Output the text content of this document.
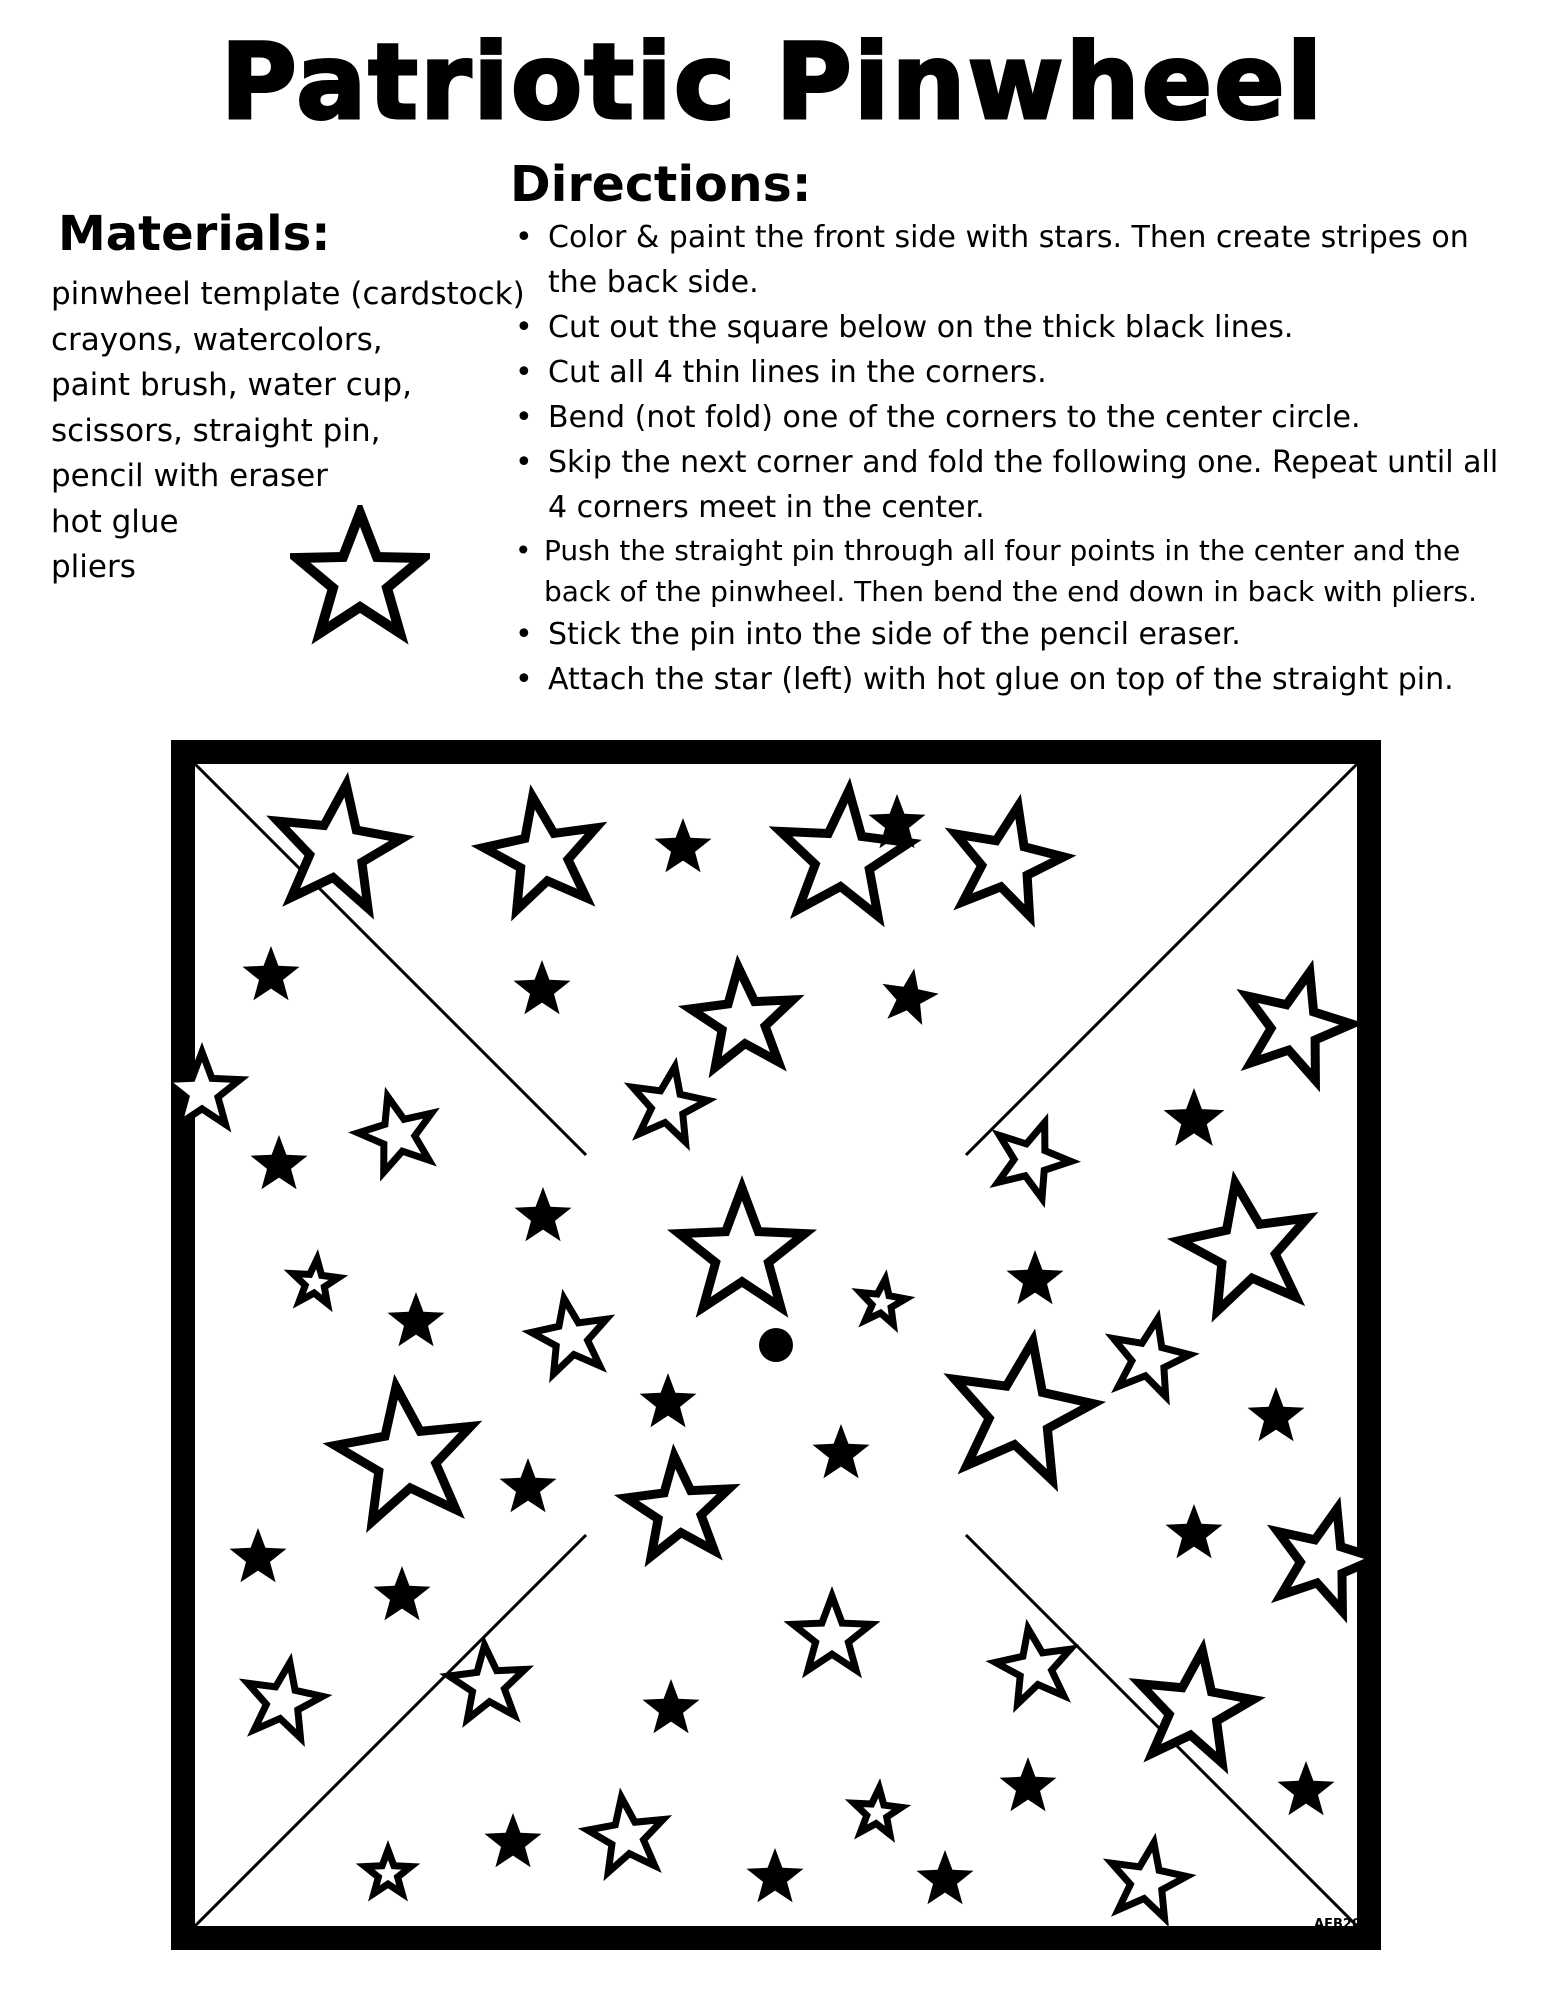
Patriotic Pinwheel
Materials:
pinwheel template (cardstock)
crayons, watercolors,
paint brush, water cup,
scissors, straight pin,
pencil with eraser
hot glue
pliers
Directions:
• Color & paint the front side with stars. Then create stripes on the back side.
• Cut out the square below on the thick black lines.
• Cut all 4 thin lines in the corners.
• Bend (not fold) one of the corners to the center circle.
• Skip the next corner and fold the following one. Repeat until all 4 corners meet in the center.
• Push the straight pin through all four points in the center and the back of the pinwheel. Then bend the end down in back with pliers.
• Stick the pin into the side of the pencil eraser.
• Attach the star (left) with hot glue on top of the straight pin.
AFB20
